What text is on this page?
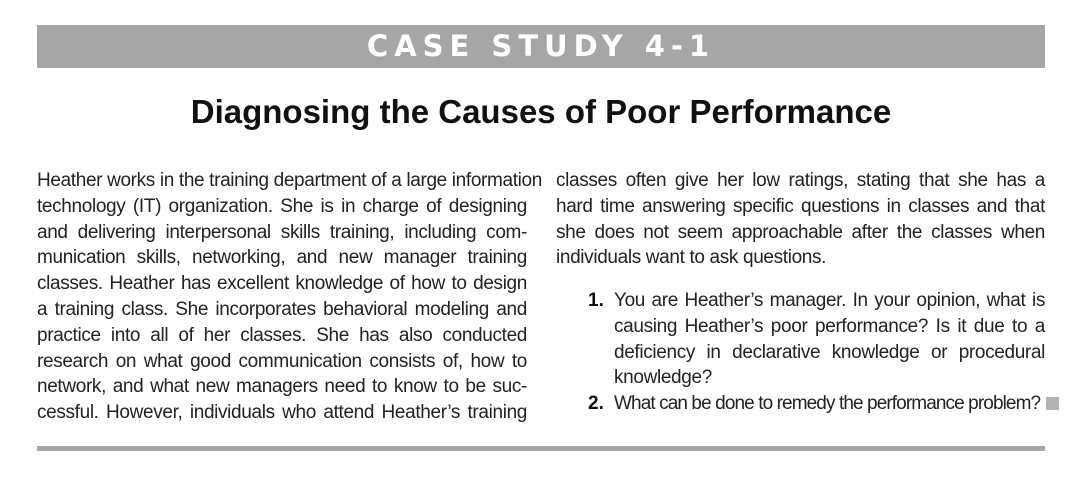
CASE STUDY 4-1
Diagnosing the Causes of Poor Performance
Heather works in the training department of a large information
technology (IT) organization. She is in charge of designing
and delivering interpersonal skills training, including com-
munication skills, networking, and new manager training
classes. Heather has excellent knowledge of how to design
a training class. She incorporates behavioral modeling and
practice into all of her classes. She has also conducted
research on what good communication consists of, how to
network, and what new managers need to know to be suc-
cessful. However, individuals who attend Heather’s training
classes often give her low ratings, stating that she has a
hard time answering specific questions in classes and that
she does not seem approachable after the classes when
individuals want to ask questions.
1. You are Heather’s manager. In your opinion, what is
causing Heather’s poor performance? Is it due to a
deficiency in declarative knowledge or procedural
knowledge?
2. What can be done to remedy the performance problem?
